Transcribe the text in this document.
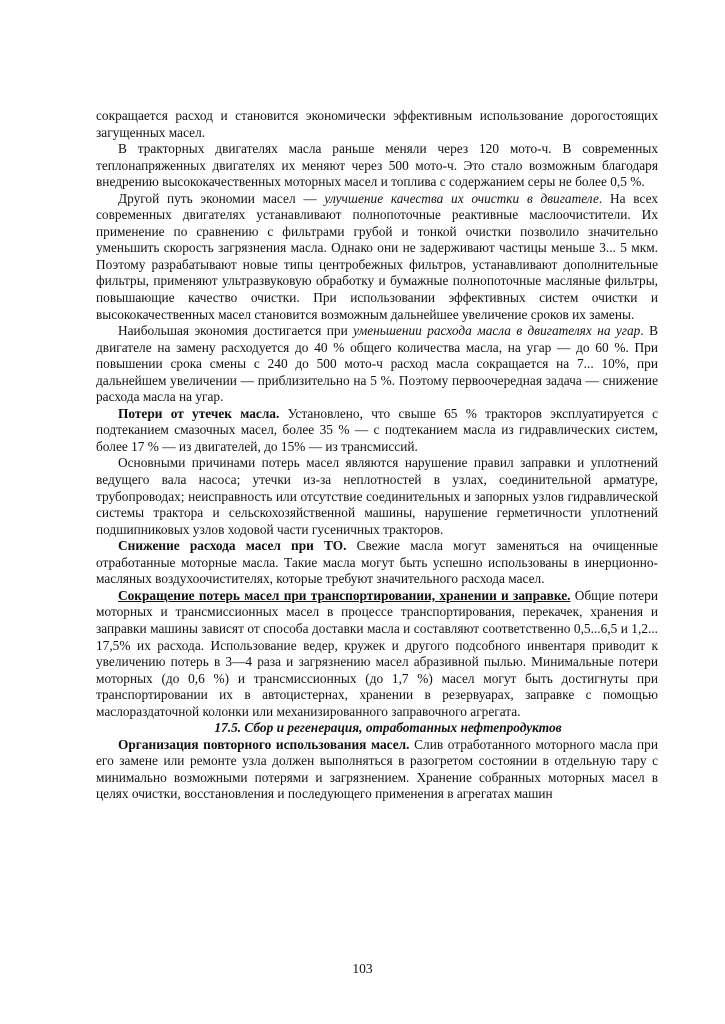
сокращается расход и становится экономически эффективным использование дорогостоящих загущенных масел.

В тракторных двигателях масла раньше меняли через 120 мото-ч. В современных теплонапряженных двигателях их меняют через 500 мото-ч. Это стало возможным благодаря внедрению высококачественных моторных масел и топлива с содержанием серы не более 0,5 %.

Другой путь экономии масел — улучшение качества их очистки в двигателе. На всех современных двигателях устанавливают полнопоточные реактивные маслоочистители. Их применение по сравнению с фильтрами грубой и тонкой очистки позволило значительно уменьшить скорость загрязнения масла. Однако они не задерживают частицы меньше 3... 5 мкм. Поэтому разрабатывают новые типы центробежных фильтров, устанавливают дополнительные фильтры, применяют ультразвуковую обработку и бумажные полнопоточные масляные фильтры, повышающие качество очистки. При использовании эффективных систем очистки и высококачественных масел становится возможным дальнейшее увеличение сроков их замены.

Наибольшая экономия достигается при уменьшении расхода масла в двигателях на угар. В двигателе на замену расходуется до 40 % общего количества масла, на угар — до 60 %. При повышении срока смены с 240 до 500 мото-ч расход масла сокращается на 7... 10%, при дальнейшем увеличении — приблизительно на 5 %. Поэтому первоочередная задача — снижение расхода масла на угар.

Потери от утечек масла. Установлено, что свыше 65 % тракторов эксплуатируется с подтеканием смазочных масел, более 35 % — с подтеканием масла из гидравлических систем, более 17 % — из двигателей, до 15% — из трансмиссий.

Основными причинами потерь масел являются нарушение правил заправки и уплотнений ведущего вала насоса; утечки из-за неплотностей в узлах, соединительной арматуре, трубопроводах; неисправность или отсутствие соединительных и запорных узлов гидравлической системы трактора и сельскохозяйственной машины, нарушение герметичности уплотнений подшипниковых узлов ходовой части гусеничных тракторов.

Снижение расхода масел при ТО. Свежие масла могут заменяться на очищенные отработанные моторные масла. Такие масла могут быть успешно использованы в инерционно-масляных воздухоочистителях, которые требуют значительного расхода масел.

Сокращение потерь масел при транспортировании, хранении и заправке. Общие потери моторных и трансмиссионных масел в процессе транспортирования, перекачек, хранения и заправки машины зависят от способа доставки масла и составляют соответственно 0,5...6,5 и 1,2... 17,5% их расхода. Использование ведер, кружек и другого подсобного инвентаря приводит к увеличению потерь в 3—4 раза и загрязнению масел абразивной пылью. Минимальные потери моторных (до 0,6 %) и трансмиссионных (до 1,7 %) масел могут быть достигнуты при транспортировании их в автоцистернах, хранении в резервуарах, заправке с помощью маслораздаточной колонки или механизированного заправочного агрегата.

17.5. Сбор и регенерация, отработанных нефтепродуктов

Организация повторного использования масел. Слив отработанного моторного масла при его замене или ремонте узла должен выполняться в разогретом состоянии в отдельную тару с минимально возможными потерями и загрязнением. Хранение собранных моторных масел в целях очистки, восстановления и последующего применения в агрегатах машин

103
